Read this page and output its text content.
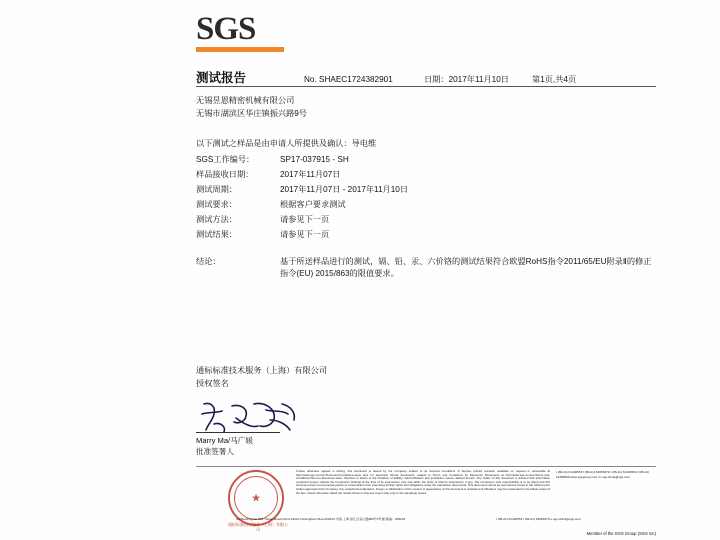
SGS
测试报告	No. SHAEC1724382901	日期：2017年11月10日	第1页,共4页
无锡昱恩精密机械有限公司
无锡市湖滨区华庄镇振兴路9号
以下测试之样品是由申请人所提供及确认：导电维
SGS工作编号：	SP17-037915 - SH
样品接收日期：	2017年11月07日
测试周期：	2017年11月07日 - 2017年11月10日
测试要求：	根据客户要求测试
测试方法：	请参见下一页
测试结果：	请参见下一页
结论：	基于所送样品进行的测试，镉、铅、汞、六价铬的测试结果符合欧盟RoHS指令2011/65/EU附录Ⅱ的修正指令(EU) 2015/863的限值要求。
通标标准技术服务（上海）有限公司
授权签名
Marry Ma/马广媛
批准签署人
★
通标标准技术服务（上海）有限公司
Unless otherwise agreed in writing, this document is issued by the Company subject to its General Conditions of Service printed overleaf, available on request or accessible at http://www.sgs.com/en/Terms-and-Conditions.aspx and, for electronic format documents, subject to Terms and Conditions for Electronic Documents at http://www.sgs.com/en/Terms-and-Conditions/Terms-e-Document.aspx. Attention is drawn to the limitation of liability, indemnification and jurisdiction issues defined therein. Any holder of this document is advised that information contained hereon reflects the Company's findings at the time of its intervention only and within the limits of Client's instructions, if any. The Company's sole responsibility is to its Client and this document does not exonerate parties to a transaction from exercising all their rights and obligations under the transaction documents. This document cannot be reproduced except in full, without prior written approval of the Company. Any unauthorized alteration, forgery or falsification of the content or appearance of this document is unlawful and offenders may be prosecuted to the fullest extent of the law. Unless otherwise stated the results shown in this test report refer only to the sample(s) tested.
t (86-21) 61402553 f (86-21) 64953679 t (86-21) 61402594 f (86-21) 61156899 www.sgsgroup.com.cn sgs.china@sgs.com
3rd Building,No.889 Yishan Road,Xuhui District,Shanghai,China 200233 中国·上海·徐汇区宜山路889号3号楼 邮编：200233	t (86-21) 61402553 f (86-21) 64953679 e sgs.china@sgs.com
Member of the SGS Group (SGS SA)
